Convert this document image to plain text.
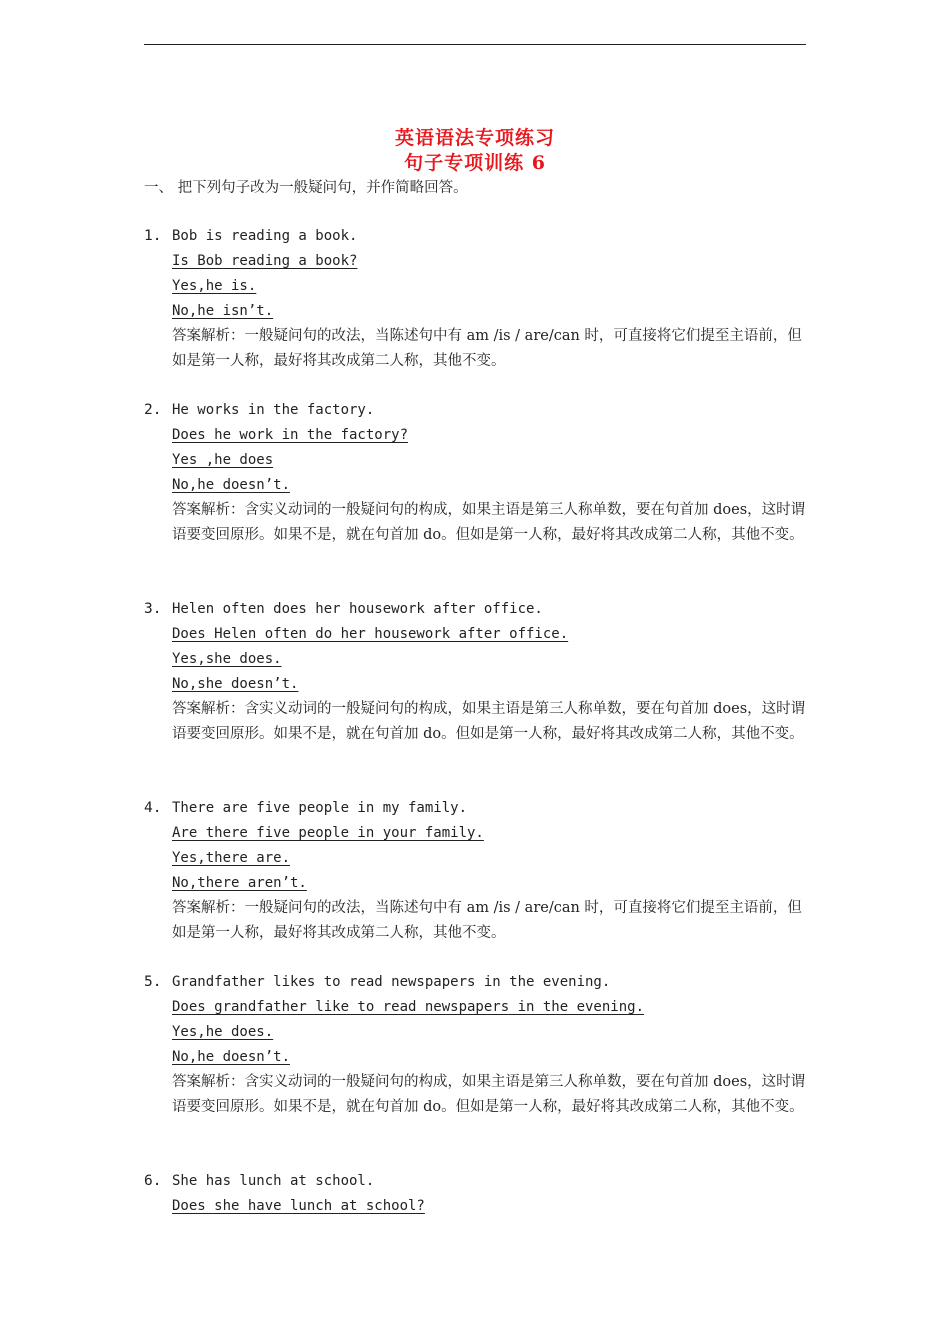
英语语法专项练习
句子专项训练 6
一、 把下列句子改为一般疑问句，并作简略回答。
1. Bob is reading a book.
Is Bob reading a book?
Yes,he is.
No,he isn’t.
答案解析：一般疑问句的改法，当陈述句中有 am /is / are/can 时，可直接将它们提至主语前，但如是第一人称，最好将其改成第二人称，其他不变。
2. He works in the factory.
Does he work in the factory?
Yes ,he does
No,he doesn’t.
答案解析：含实义动词的一般疑问句的构成，如果主语是第三人称单数，要在句首加 does，这时谓语要变回原形。如果不是，就在句首加 do。但如是第一人称，最好将其改成第二人称，其他不变。
3. Helen often does her housework after office.
Does Helen often do her housework after office.
Yes,she does.
No,she doesn’t.
答案解析：含实义动词的一般疑问句的构成，如果主语是第三人称单数，要在句首加 does，这时谓语要变回原形。如果不是，就在句首加 do。但如是第一人称，最好将其改成第二人称，其他不变。
4. There are five people in my family.
Are there five people in your family.
Yes,there are.
No,there aren’t.
答案解析：一般疑问句的改法，当陈述句中有 am /is / are/can 时，可直接将它们提至主语前，但如是第一人称，最好将其改成第二人称，其他不变。
5. Grandfather likes to read newspapers in the evening.
Does grandfather like to read newspapers in the evening.
Yes,he does.
No,he doesn’t.
答案解析：含实义动词的一般疑问句的构成，如果主语是第三人称单数，要在句首加 does，这时谓语要变回原形。如果不是，就在句首加 do。但如是第一人称，最好将其改成第二人称，其他不变。
6. She has lunch at school.
Does she have lunch at school?
